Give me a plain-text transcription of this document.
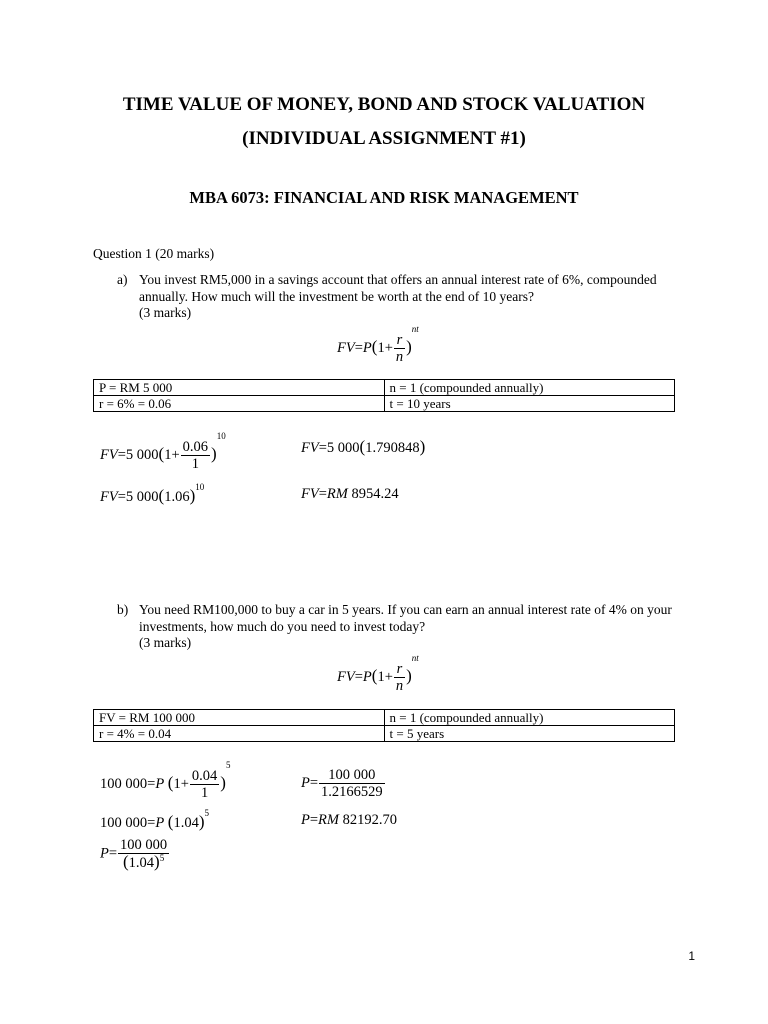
TIME VALUE OF MONEY, BOND AND STOCK VALUATION
(INDIVIDUAL ASSIGNMENT #1)
MBA 6073: FINANCIAL AND RISK MANAGEMENT
Question 1 (20 marks)
a) You invest RM5,000 in a savings account that offers an annual interest rate of 6%, compounded annually. How much will the investment be worth at the end of 10 years?
(3 marks)
$FV=P(1+ \frac{r}{n} )^{nt}$
P = RM 5 000	n = 1 (compounded annually)
r = 6% = 0.06	t = 10 years
FV=5 $000(1+ \frac{0.06}{1} )^{10}$
FV=5 $000(1.06)^{10}$
FV=5 000(1.790848)
FV=RM 8954.24
b) You need RM100,000 to buy a car in 5 years. If you can earn an annual interest rate of 4% on your investments, how much do you need to invest today?
(3 marks)
$FV=P(1+ \frac{r}{n} )^{nt}$
FV = RM 100 000	n = 1 (compounded annually)
r = 4% = 0.04	t = 5 years
100 000=P $(1+ \frac{0.04}{1} )^5$
100 000=P $(1.04)^5$
$P= \frac{100 000}{(1.04)^5}$
$P= \frac{100 000}{1.2166529}$
P=RM 82192.70
1
